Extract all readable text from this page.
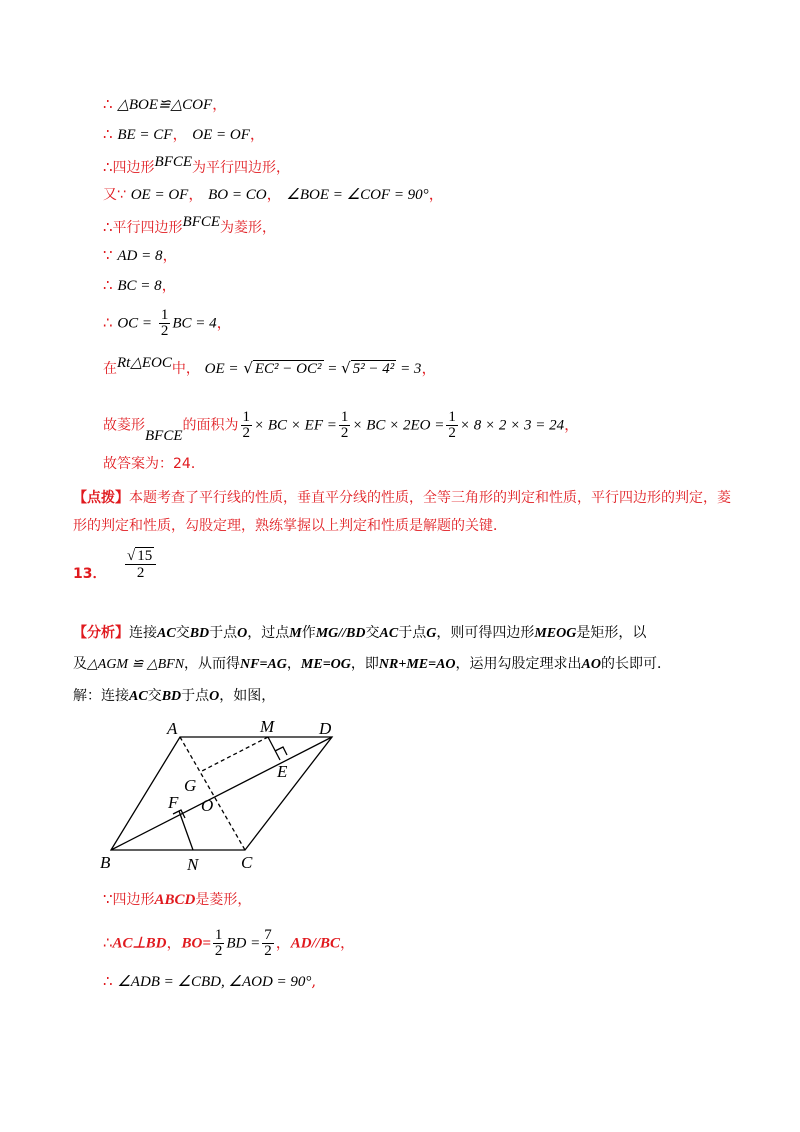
∴ △BOE≌△COF，
∴ BE = CF， OE = OF，
∴四边形BFCE为平行四边形，
又∵ OE = OF， BO = CO， ∠BOE = ∠COF = 90°，
∴平行四边形BFCE为菱形，
∵ AD = 8，
∴ BC = 8，
∴ OC = $\frac{1}{2}$ BC = 4，
在Rt△EOC中， OE = √ EC² − OC² = √ 5² − 4² = 3，
故菱形BFCE的面积为 $\frac{1}{2}$ × BC × EF = $\frac{1}{2}$ × BC × $2EO = \frac{1}{2} \times 8 \times 2 \times 3 = 24$，
故答案为：24．
【点拨】本题考查了平行线的性质，垂直平分线的性质，全等三角形的判定和性质，平行四边形的判定，菱形的判定和性质，勾股定理，熟练掌握以上判定和性质是解题的关键．
13．
√ 15
2
【分析】连接AC交BD于点O，过点M作MG//BD交AC于点G，则可得四边形MEOG是矩形，以
及△AGM ≌ △BFN，从而得NF=AG，ME=OG，即NR+ME=AO，运用勾股定理求出AO的长即可．
解：连接AC交BD于点O，如图，
A	M	D
E
G
F O
B	N	C
∵四边形ABCD是菱形，
∴AC⊥BD，$BO= \frac{1}{2}$ BD = $\frac{7}{2}$ ，AD//BC，
∴ ∠ADB = ∠CBD, ∠AOD = 90°,
